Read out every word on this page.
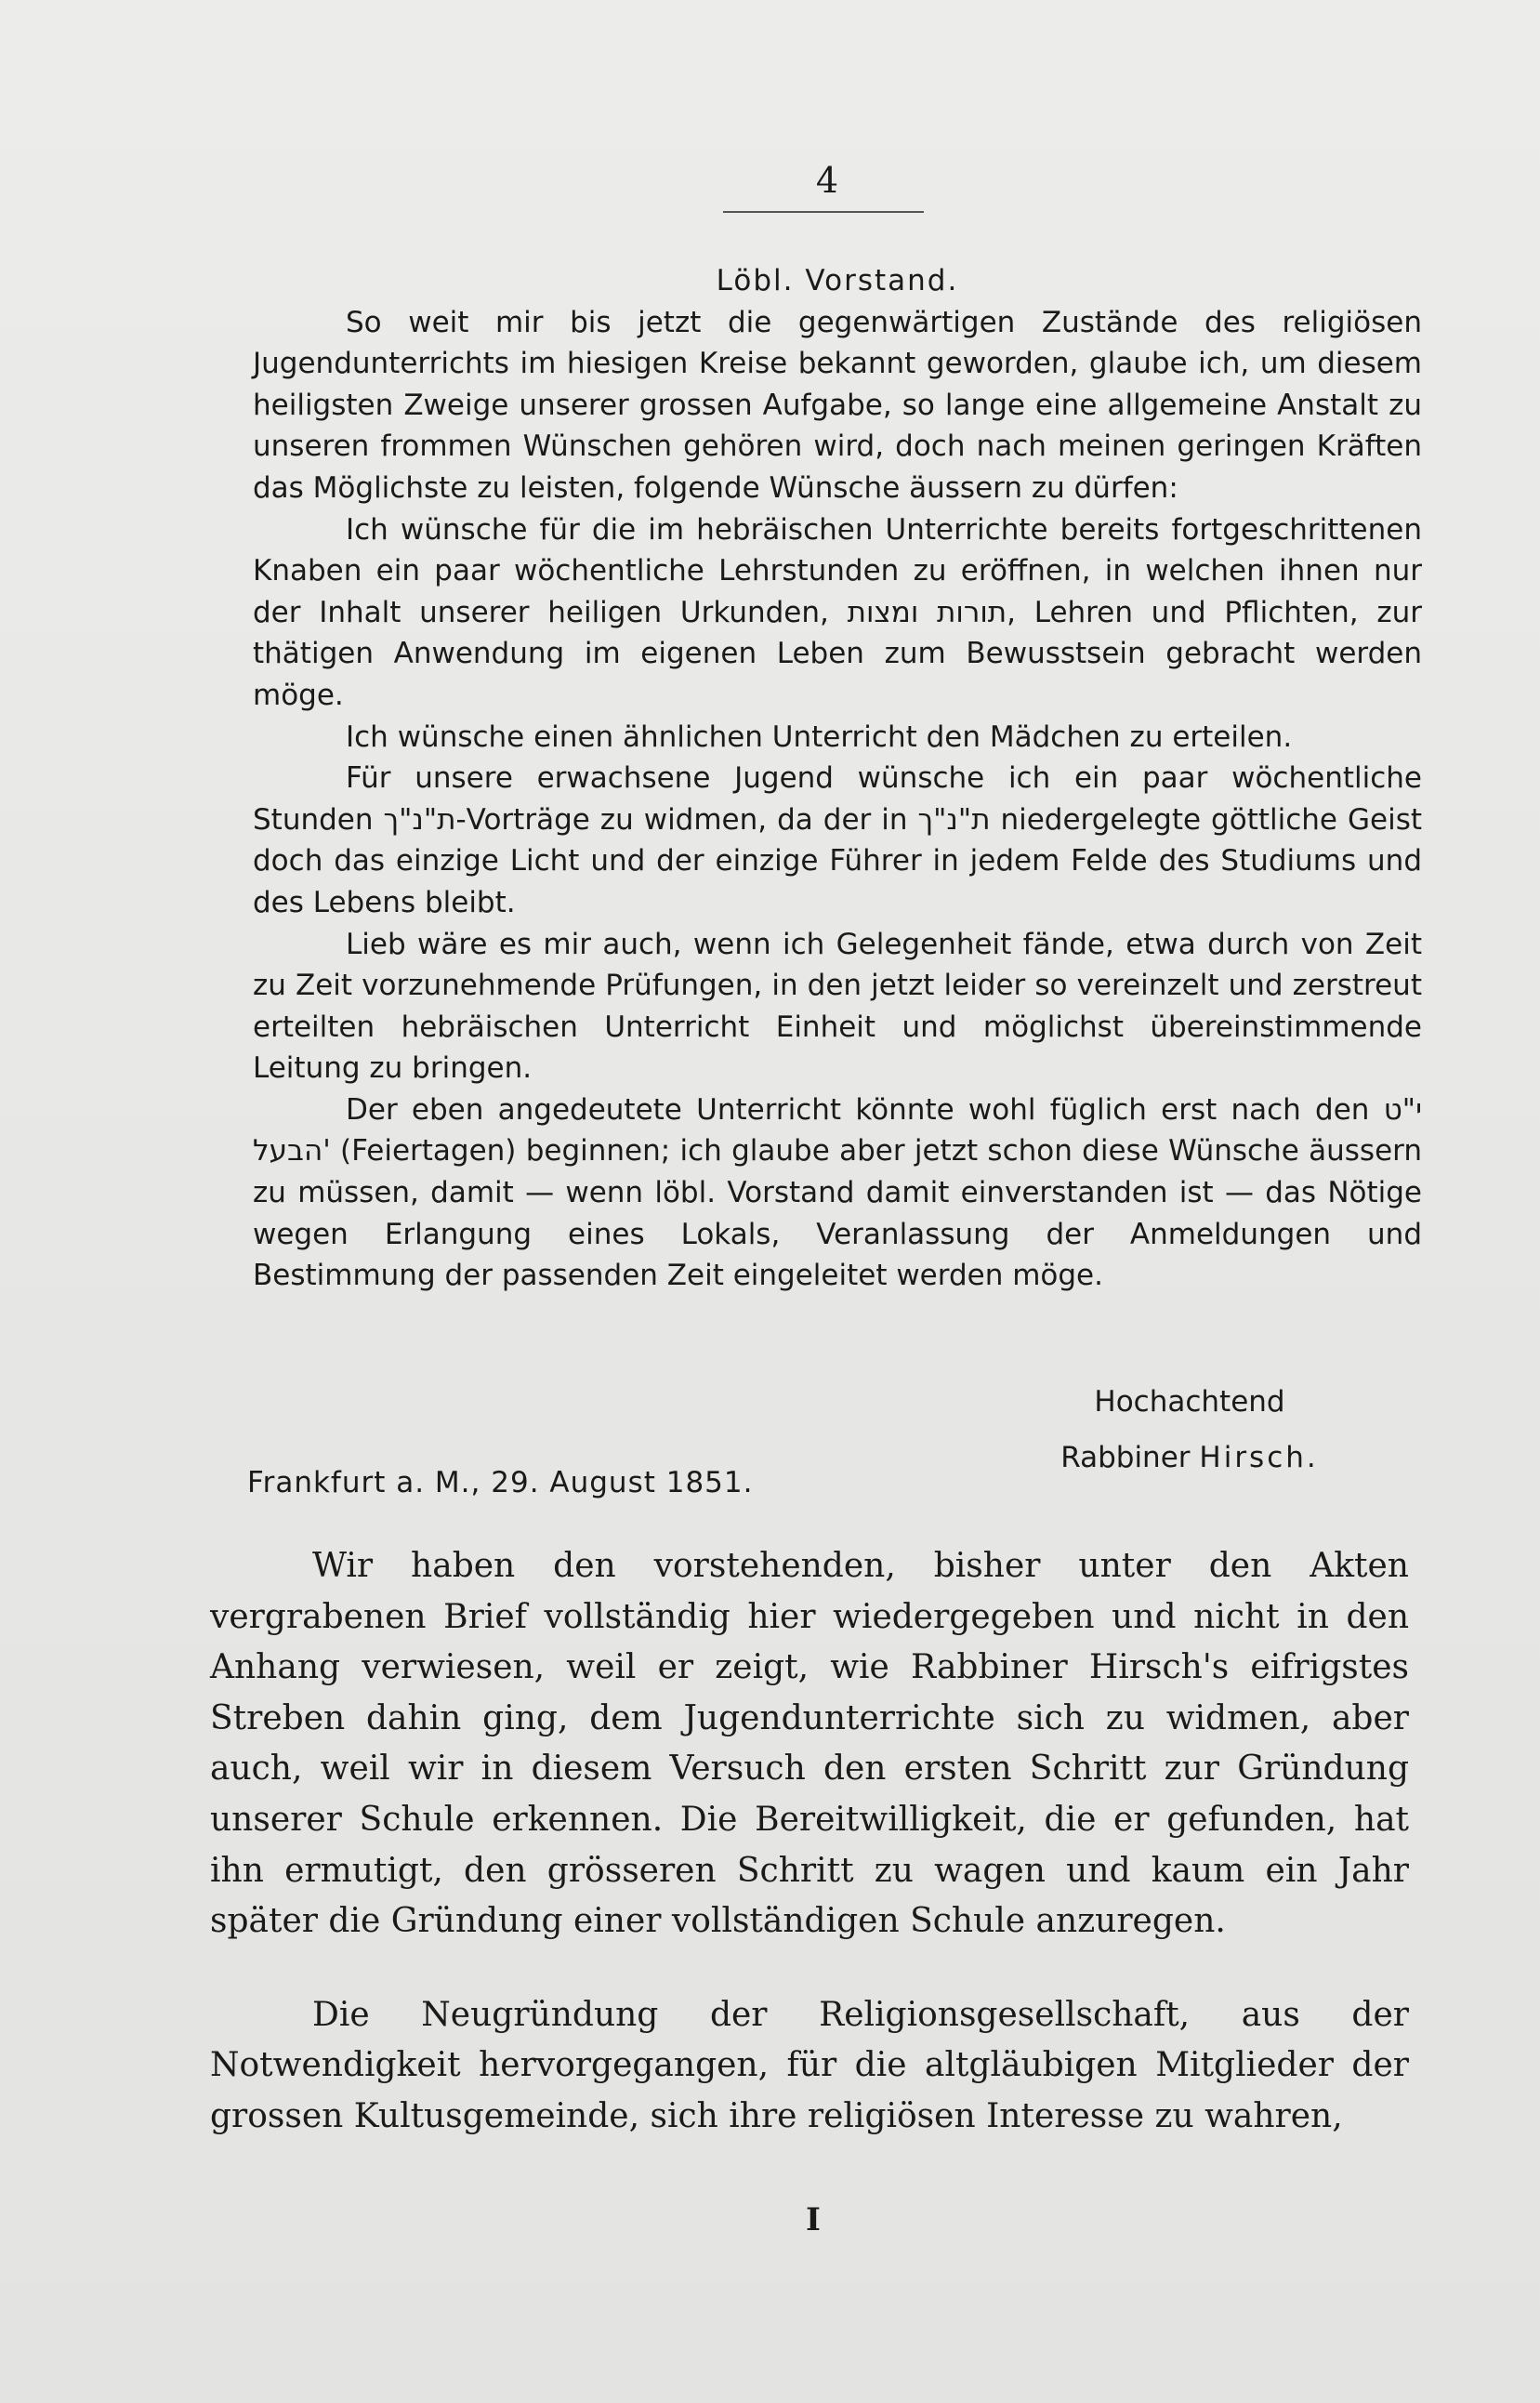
4
Löbl. Vorstand.

So weit mir bis jetzt die gegenwärtigen Zustände des religiösen Jugendunterrichts im hiesigen Kreise bekannt geworden, glaube ich, um diesem heiligsten Zweige unserer grossen Aufgabe, so lange eine allgemeine Anstalt zu unseren frommen Wünschen gehören wird, doch nach meinen geringen Kräften das Möglichste zu leisten, folgende Wünsche äussern zu dürfen:

Ich wünsche für die im hebräischen Unterrichte bereits fortgeschrittenen Knaben ein paar wöchentliche Lehrstunden zu eröffnen, in welchen ihnen nur der Inhalt unserer heiligen Urkunden, תורות ומצות, Lehren und Pflichten, zur thätigen Anwendung im eigenen Leben zum Bewusstsein gebracht werden möge.

Ich wünsche einen ähnlichen Unterricht den Mädchen zu erteilen.

Für unsere erwachsene Jugend wünsche ich ein paar wöchentliche Stunden ת"נ"ך-Vorträge zu widmen, da der in ת"נ"ך niedergelegte göttliche Geist doch das einzige Licht und der einzige Führer in jedem Felde des Studiums und des Lebens bleibt.

Lieb wäre es mir auch, wenn ich Gelegenheit fände, etwa durch von Zeit zu Zeit vorzunehmende Prüfungen, in den jetzt leider so vereinzelt und zerstreut erteilten hebräischen Unterricht Einheit und möglichst übereinstimmende Leitung zu bringen.

Der eben angedeutete Unterricht könnte wohl füglich erst nach den י"ט הבעל' (Feiertagen) beginnen; ich glaube aber jetzt schon diese Wünsche äussern zu müssen, damit — wenn löbl. Vorstand damit einverstanden ist — das Nötige wegen Erlangung eines Lokals, Veranlassung der Anmeldungen und Bestimmung der passenden Zeit eingeleitet werden möge.

Hochachtend
Rabbiner Hirsch.
Frankfurt a. M., 29. August 1851.

Wir haben den vorstehenden, bisher unter den Akten vergrabenen Brief vollständig hier wiedergegeben und nicht in den Anhang verwiesen, weil er zeigt, wie Rabbiner Hirsch's eifrigstes Streben dahin ging, dem Jugendunterrichte sich zu widmen, aber auch, weil wir in diesem Versuch den ersten Schritt zur Gründung unserer Schule erkennen. Die Bereitwilligkeit, die er gefunden, hat ihn ermutigt, den grösseren Schritt zu wagen und kaum ein Jahr später die Gründung einer vollständigen Schule anzuregen.

Die Neugründung der Religionsgesellschaft, aus der Notwendigkeit hervorgegangen, für die altgläubigen Mitglieder der grossen Kultusgemeinde, sich ihre religiösen Interesse zu wahren,

I
